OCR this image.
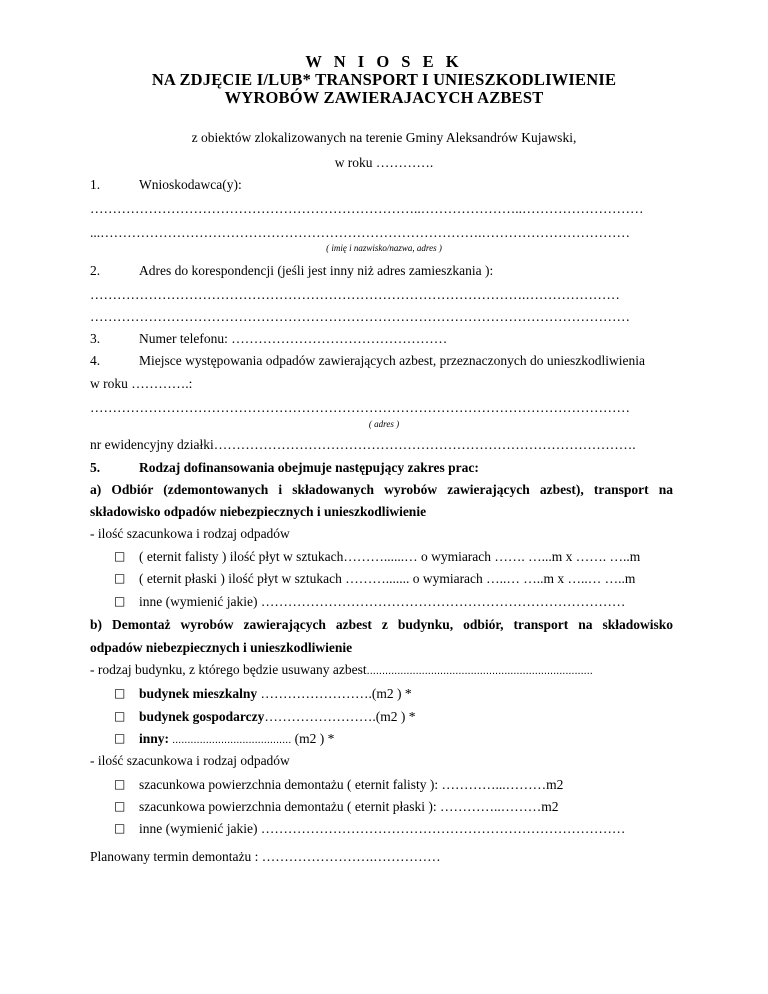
W N I O S E K
NA ZDJĘCIE I/LUB* TRANSPORT I UNIESZKODLIWIENIE
WYROBÓW ZAWIERAJACYCH AZBEST
z obiektów zlokalizowanych na terenie Gminy Aleksandrów Kujawski,
w roku ………….
1.	Wnioskodawca(y):
………………………………………………………………..…………………..………………………
...………………………………………………………………………….……………………………
( imię i nazwisko/nazwa, adres )
2.	Adres do korespondencji (jeśli jest inny niż adres zamieszkania ):
…………………………………………………………………………………….…………………
…………………………………………………………………………………………………………
3.	Numer telefonu: …………………………………………
4.	Miejsce występowania odpadów zawierających azbest, przeznaczonych do unieszkodliwienia
w roku ………….:
…………………………………………………………………………………………………………
( adres )
nr ewidencyjny działki………………………………………………………………………………….
5.	Rodzaj dofinansowania obejmuje następujący zakres prac:
a) Odbiór (zdemontowanych i składowanych wyrobów zawierających azbest), transport na
składowisko odpadów niebezpiecznych i unieszkodliwienie
- ilość szacunkowa i rodzaj odpadów
□ ( eternit falisty ) ilość płyt w sztukach………......… o wymiarach ……. …...m x ……. …..m
□ ( eternit płaski ) ilość płyt w sztukach ………....... o wymiarach …..… …..m x …..… …..m
□ inne (wymienić jakie) ………………………………………………………………………
b) Demontaż wyrobów zawierających azbest z budynku, odbiór, transport na składowisko
odpadów niebezpiecznych i unieszkodliwienie
- rodzaj budynku, z którego będzie usuwany azbest..........................................................................
□ budynek mieszkalny …………………….(m2 ) *
□ budynek gospodarczy…………………….(m2 ) *
□ inny: ....................................... (m2 ) *
- ilość szacunkowa i rodzaj odpadów
□ szacunkowa powierzchnia demontażu ( eternit falisty ): …………...………m2
□ szacunkowa powierzchnia demontażu ( eternit płaski ): …………..………m2
□ inne (wymienić jakie) ………………………………………………………………………
Planowany termin demontażu : …………………….……………
